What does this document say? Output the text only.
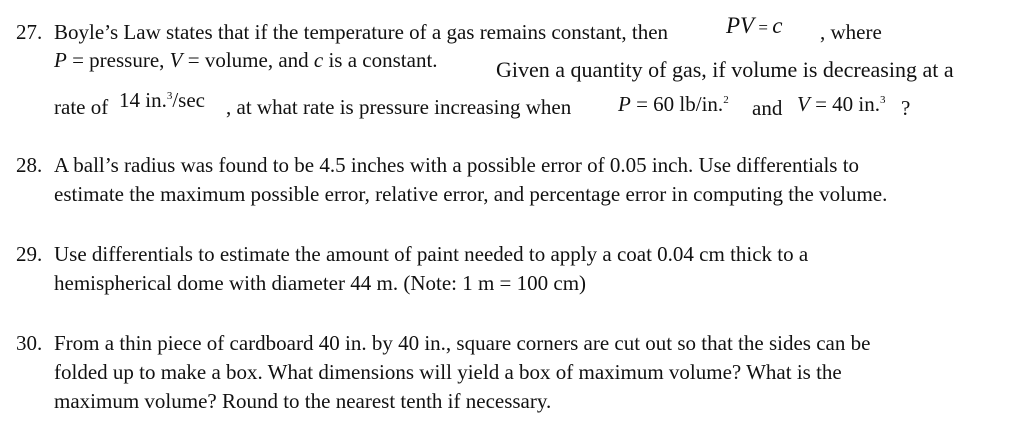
27. Boyle’s Law states that if the temperature of a gas remains constant, then	PV = c , where
P = pressure, V = volume, and c is a constant.	Given a quantity of gas, if volume is decreasing at a
rate of 14 in.$^3$/sec , at what rate is pressure increasing when P = 60 lb/in.$^2$ and V = 40 in.$^3$ ?
28. A ball’s radius was found to be 4.5 inches with a possible error of 0.05 inch. Use differentials to
estimate the maximum possible error, relative error, and percentage error in computing the volume.
29. Use differentials to estimate the amount of paint needed to apply a coat 0.04 cm thick to a
hemispherical dome with diameter 44 m. (Note: 1 m = 100 cm)
30. From a thin piece of cardboard 40 in. by 40 in., square corners are cut out so that the sides can be
folded up to make a box. What dimensions will yield a box of maximum volume? What is the
maximum volume? Round to the nearest tenth if necessary.
